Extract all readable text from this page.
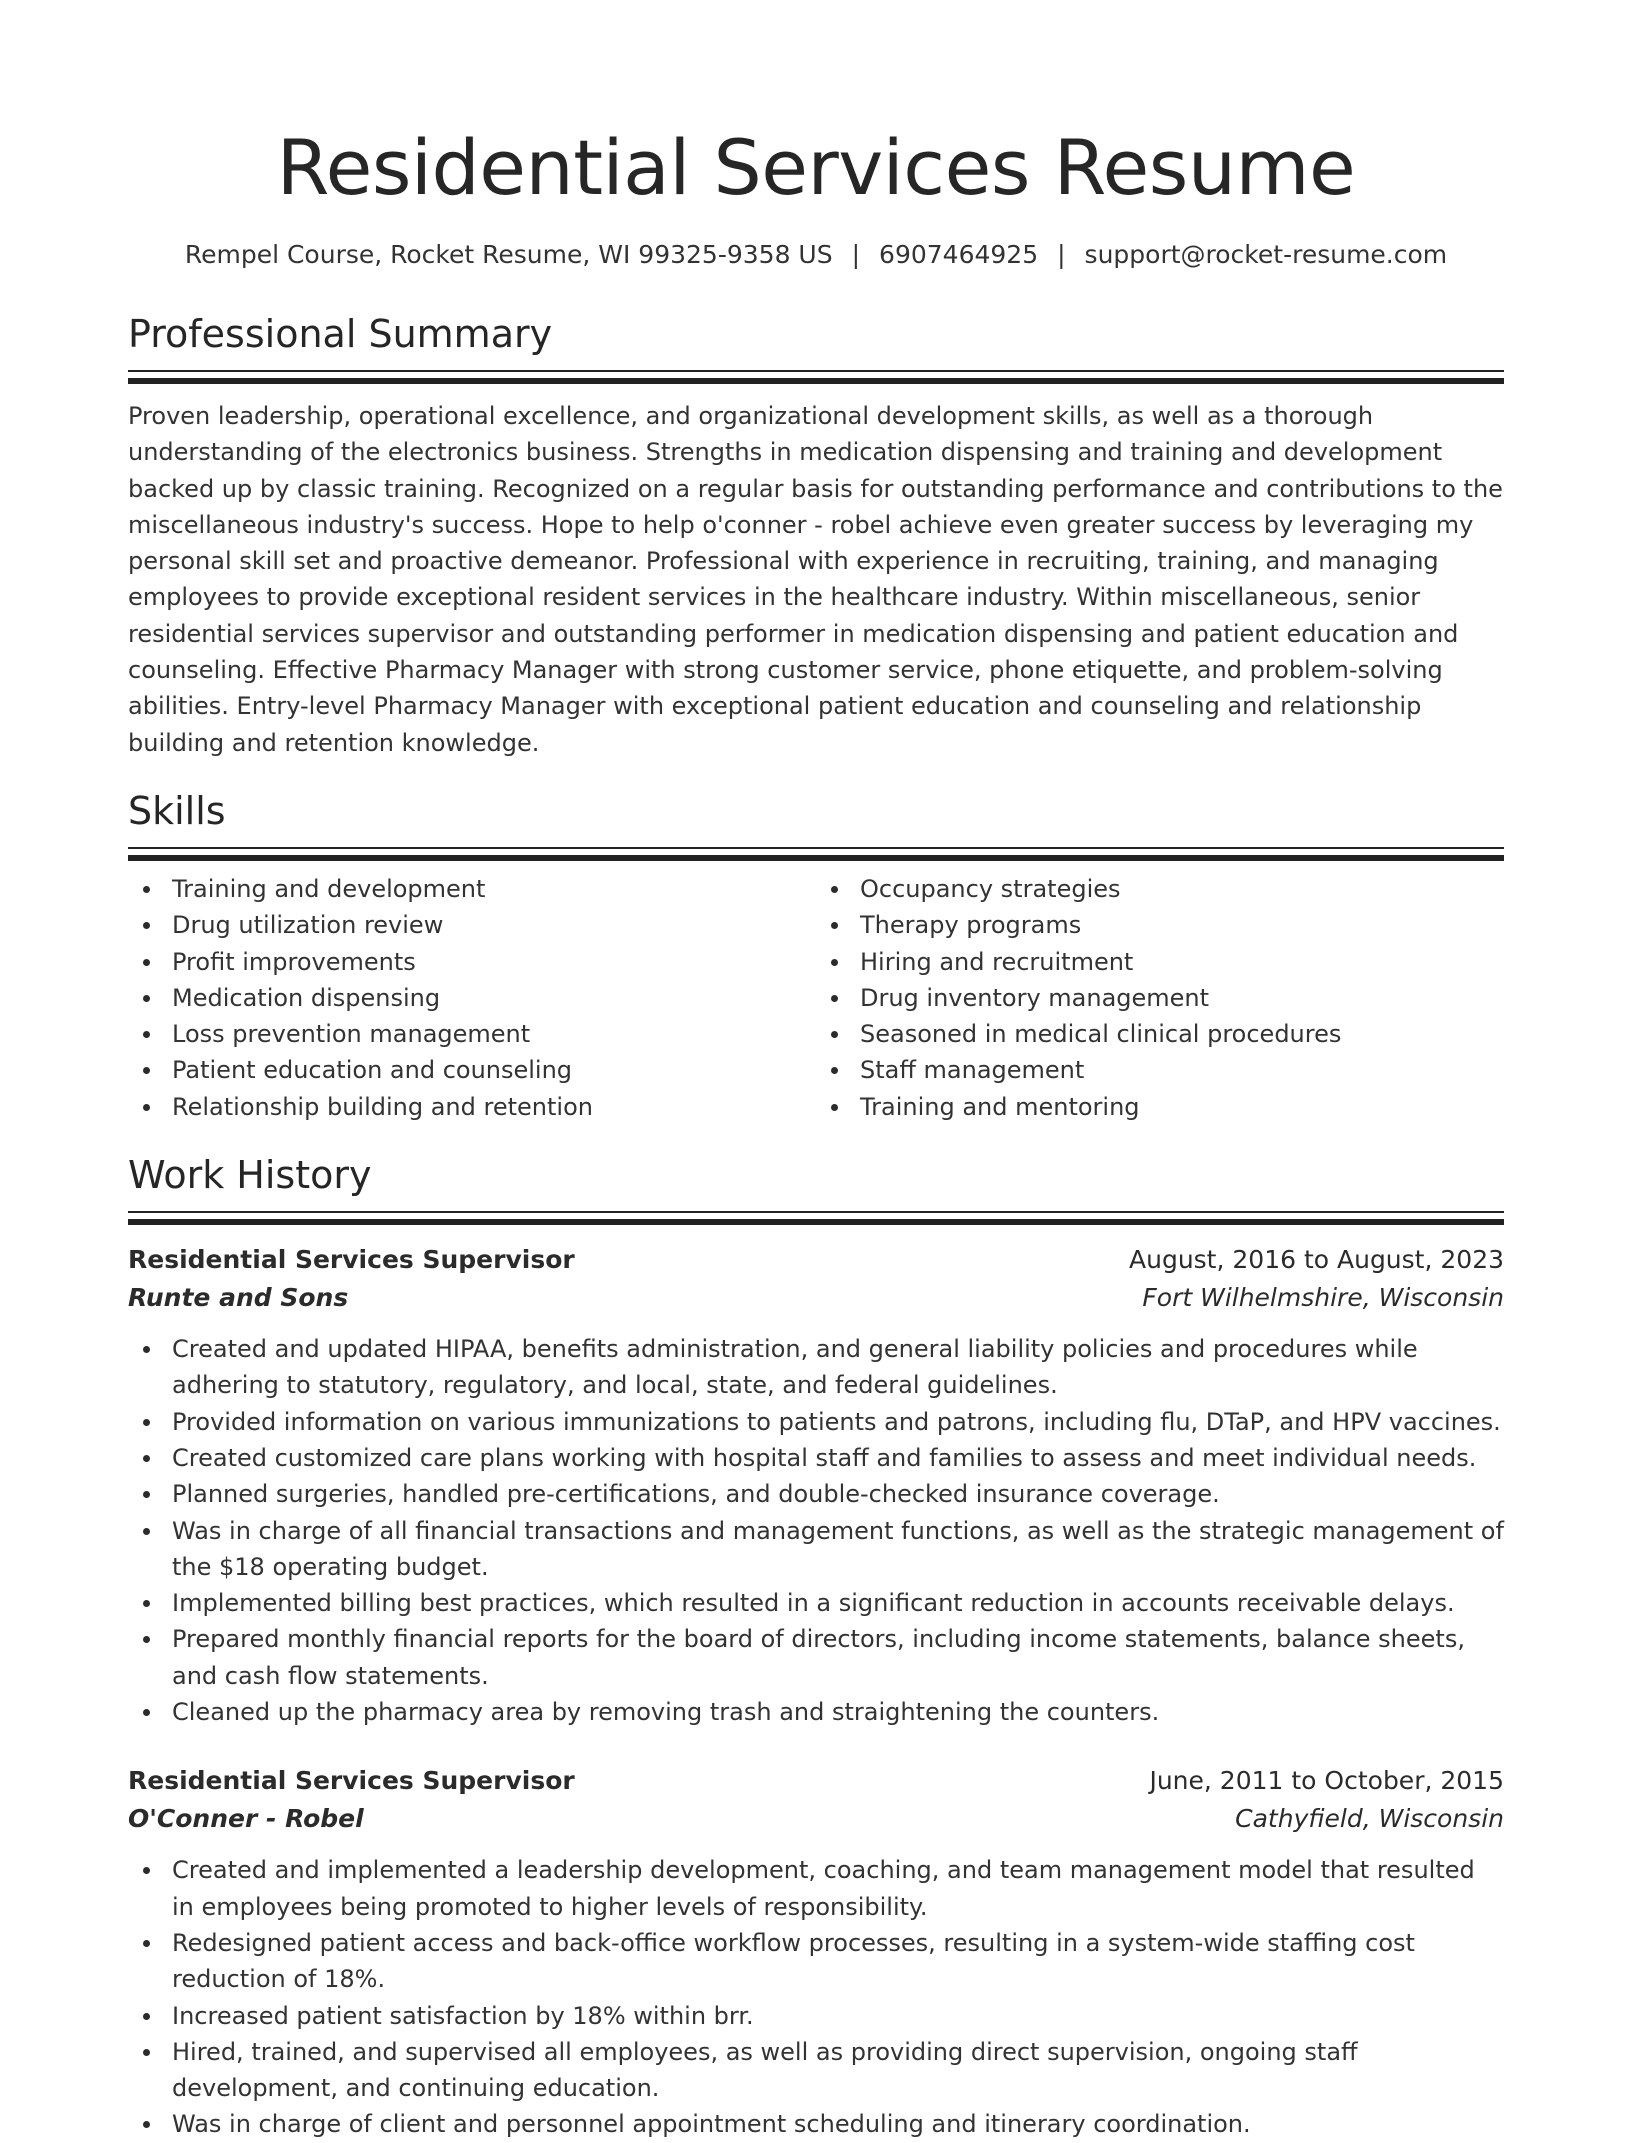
Residential Services Resume
Rempel Course, Rocket Resume, WI 99325-9358 US | 6907464925 | support@rocket-resume.com
Professional Summary

Proven leadership, operational excellence, and organizational development skills, as well as a thorough understanding of the electronics business. Strengths in medication dispensing and training and development backed up by classic training. Recognized on a regular basis for outstanding performance and contributions to the miscellaneous industry's success. Hope to help o'conner - robel achieve even greater success by leveraging my personal skill set and proactive demeanor. Professional with experience in recruiting, training, and managing employees to provide exceptional resident services in the healthcare industry. Within miscellaneous, senior residential services supervisor and outstanding performer in medication dispensing and patient education and counseling. Effective Pharmacy Manager with strong customer service, phone etiquette, and problem-solving abilities. Entry-level Pharmacy Manager with exceptional patient education and counseling and relationship building and retention knowledge.

Skills
Training and development
Drug utilization review
Profit improvements
Medication dispensing
Loss prevention management
Patient education and counseling
Relationship building and retention
Occupancy strategies
Therapy programs
Hiring and recruitment
Drug inventory management
Seasoned in medical clinical procedures
Staff management
Training and mentoring
Work History
Residential Services Supervisor	August, 2016 to August, 2023
Runte and Sons	Fort Wilhelmshire, Wisconsin
Created and updated HIPAA, benefits administration, and general liability policies and procedures while adhering to statutory, regulatory, and local, state, and federal guidelines.
Provided information on various immunizations to patients and patrons, including flu, DTaP, and HPV vaccines.
Created customized care plans working with hospital staff and families to assess and meet individual needs.
Planned surgeries, handled pre-certifications, and double-checked insurance coverage.
Was in charge of all financial transactions and management functions, as well as the strategic management of the $18 operating budget.
Implemented billing best practices, which resulted in a significant reduction in accounts receivable delays.
Prepared monthly financial reports for the board of directors, including income statements, balance sheets, and cash flow statements.
Cleaned up the pharmacy area by removing trash and straightening the counters.
Residential Services Supervisor	June, 2011 to October, 2015
O'Conner - Robel	Cathyfield, Wisconsin
Created and implemented a leadership development, coaching, and team management model that resulted in employees being promoted to higher levels of responsibility.
Redesigned patient access and back-office workflow processes, resulting in a system-wide staffing cost reduction of 18%.
Increased patient satisfaction by 18% within brr.
Hired, trained, and supervised all employees, as well as providing direct supervision, ongoing staff development, and continuing education.
Was in charge of client and personnel appointment scheduling and itinerary coordination.
